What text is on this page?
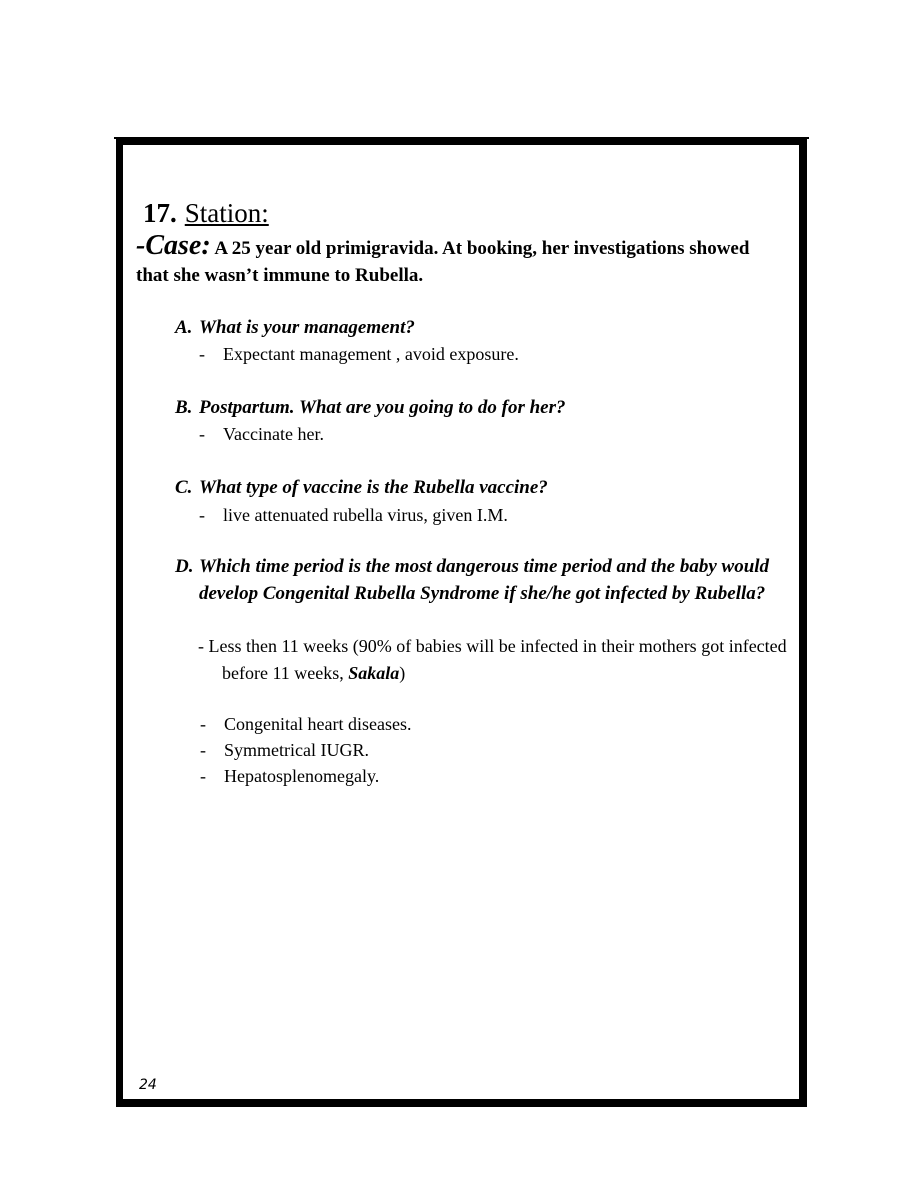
17. Station:
-Case: A 25 year old primigravida. At booking, her investigations showed that she wasn’t immune to Rubella.
A. What is your management?
- Expectant management , avoid exposure.
B. Postpartum. What are you going to do for her?
- Vaccinate her.
C. What type of vaccine is the Rubella vaccine?
- live attenuated rubella virus, given I.M.
D. Which time period is the most dangerous time period and the baby would develop Congenital Rubella Syndrome if she/he got infected by Rubella?
- Less then 11 weeks (90% of babies will be infected in their mothers got infected before 11 weeks, Sakala)
- Congenital heart diseases.
- Symmetrical IUGR.
- Hepatosplenomegaly.
24
